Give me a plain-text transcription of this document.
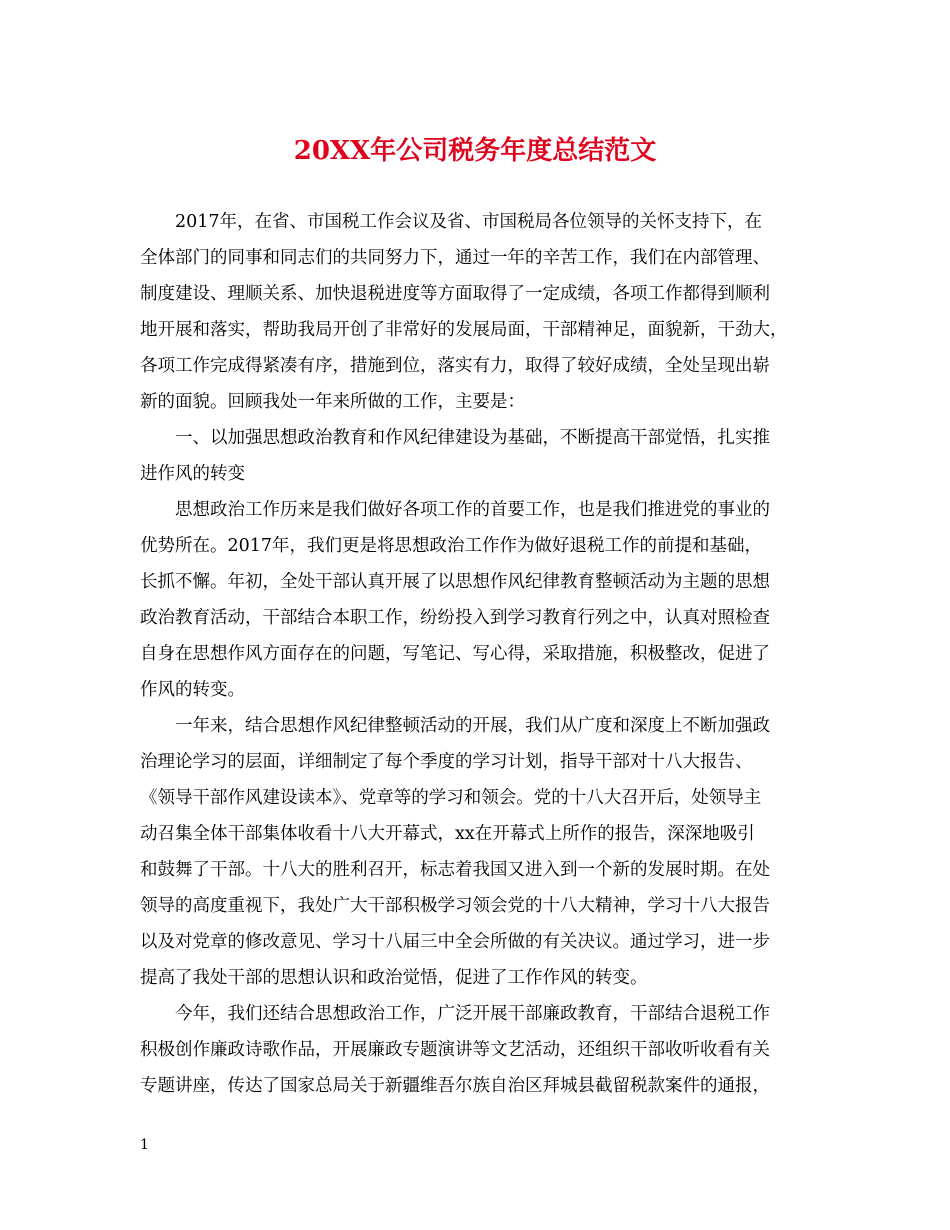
20XX年公司税务年度总结范文
2017年，在省、市国税工作会议及省、市国税局各位领导的关怀支持下，在
全体部门的同事和同志们的共同努力下，通过一年的辛苦工作，我们在内部管理、
制度建设、理顺关系、加快退税进度等方面取得了一定成绩，各项工作都得到顺利
地开展和落实，帮助我局开创了非常好的发展局面，干部精神足，面貌新，干劲大，
各项工作完成得紧凑有序，措施到位，落实有力，取得了较好成绩，全处呈现出崭
新的面貌。回顾我处一年来所做的工作，主要是：
一、以加强思想政治教育和作风纪律建设为基础，不断提高干部觉悟，扎实推
进作风的转变
思想政治工作历来是我们做好各项工作的首要工作，也是我们推进党的事业的
优势所在。2017年，我们更是将思想政治工作作为做好退税工作的前提和基础，
长抓不懈。年初，全处干部认真开展了以思想作风纪律教育整顿活动为主题的思想
政治教育活动，干部结合本职工作，纷纷投入到学习教育行列之中，认真对照检查
自身在思想作风方面存在的问题，写笔记、写心得，采取措施，积极整改，促进了
作风的转变。
一年来，结合思想作风纪律整顿活动的开展，我们从广度和深度上不断加强政
治理论学习的层面，详细制定了每个季度的学习计划，指导干部对十八大报告、
《领导干部作风建设读本》、党章等的学习和领会。党的十八大召开后，处领导主
动召集全体干部集体收看十八大开幕式，xx在开幕式上所作的报告，深深地吸引
和鼓舞了干部。十八大的胜利召开，标志着我国又进入到一个新的发展时期。在处
领导的高度重视下，我处广大干部积极学习领会党的十八大精神，学习十八大报告
以及对党章的修改意见、学习十八届三中全会所做的有关决议。通过学习，进一步
提高了我处干部的思想认识和政治觉悟，促进了工作作风的转变。
今年，我们还结合思想政治工作，广泛开展干部廉政教育，干部结合退税工作
积极创作廉政诗歌作品，开展廉政专题演讲等文艺活动，还组织干部收听收看有关
专题讲座，传达了国家总局关于新疆维吾尔族自治区拜城县截留税款案件的通报，
1
